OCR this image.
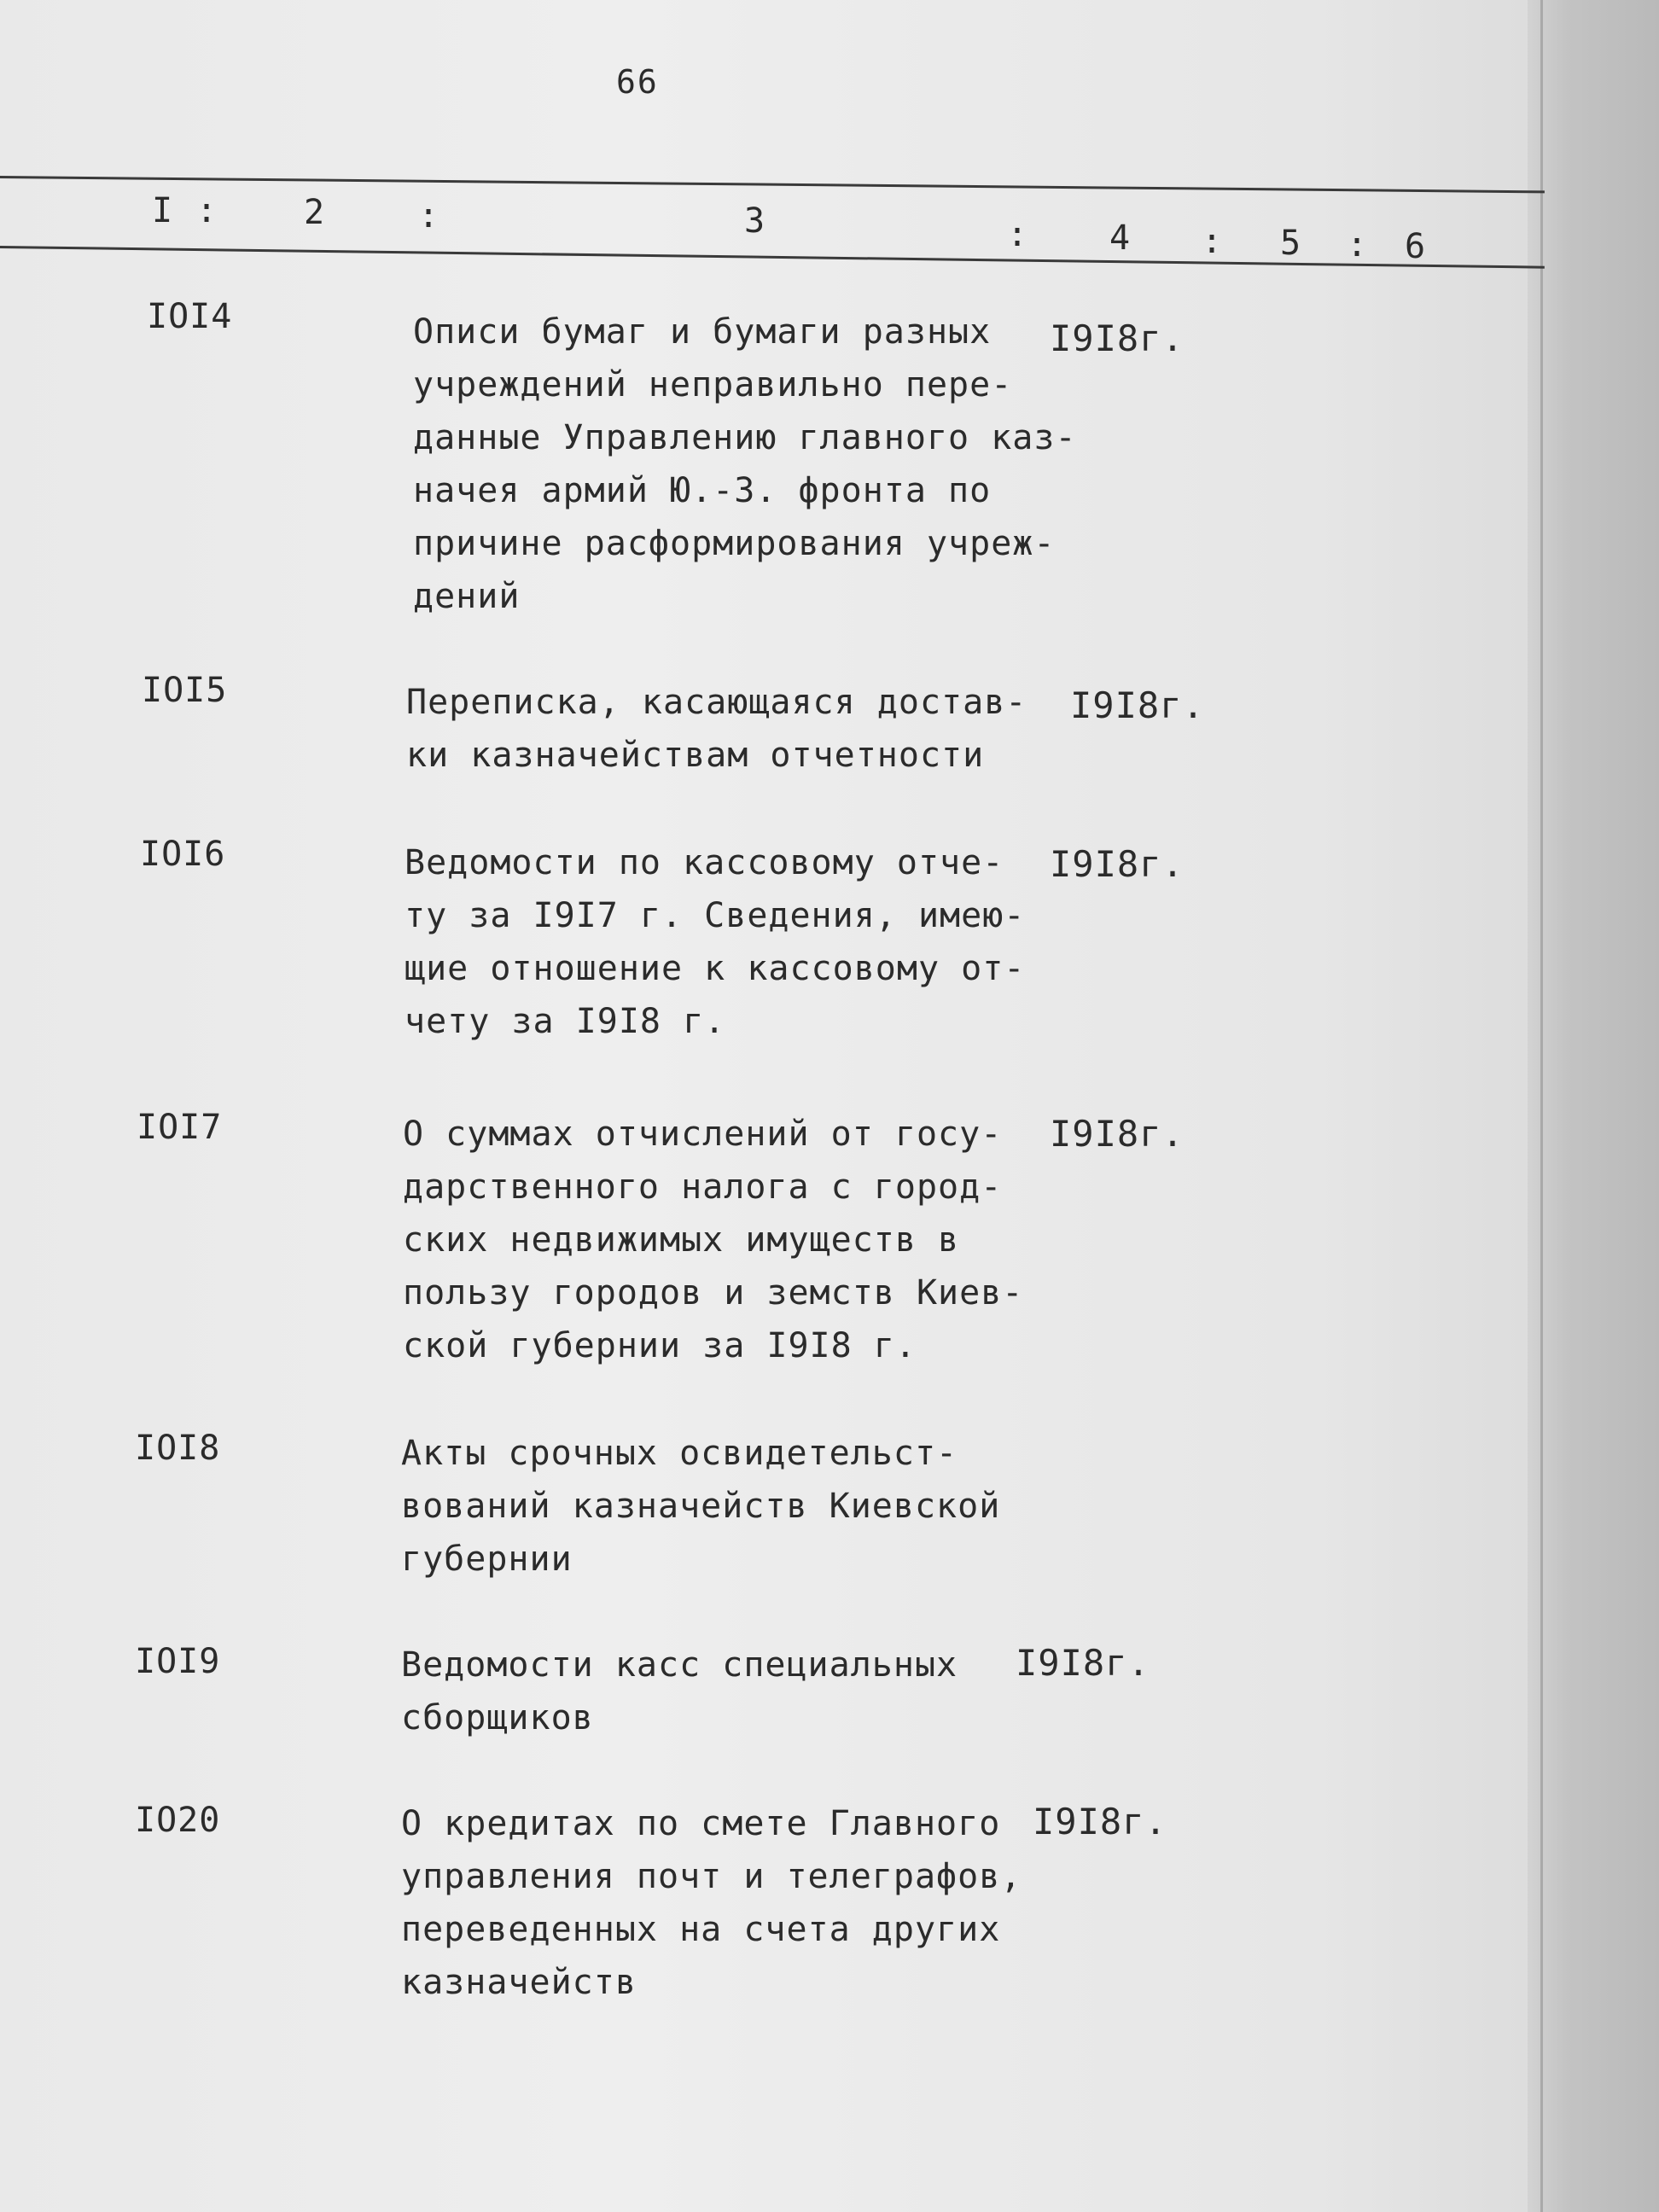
66
I :	2	:	3	: 4 : 5 : 6
IOI4	Описи бумаг и бумаги разных
учреждений неправильно пере-
данные Управлению главного каз-
начея армий Ю.-З. фронта по
причине расформирования учреж-
дений
I9I8г.
IOI5	Переписка, касающаяся достав-
ки казначействам отчетности
I9I8г.
IOI6	Ведомости по кассовому отче-
ту за I9I7 г. Сведения, имею-
щие отношение к кассовому от-
чету за I9I8 г.
I9I8г.
IOI7	О суммах отчислений от госу-
дарственного налога с город-
ских недвижимых имуществ в
пользу городов и земств Киев-
ской губернии за I9I8 г.
I9I8г.
IOI8	Акты срочных освидетельст-
вований казначейств Киевской
губернии
IOI9	Ведомости касс специальных
сборщиков
I9I8г.
IO20	О кредитах по смете Главного
управления почт и телеграфов,
переведенных на счета других
казначейств
I9I8г.
